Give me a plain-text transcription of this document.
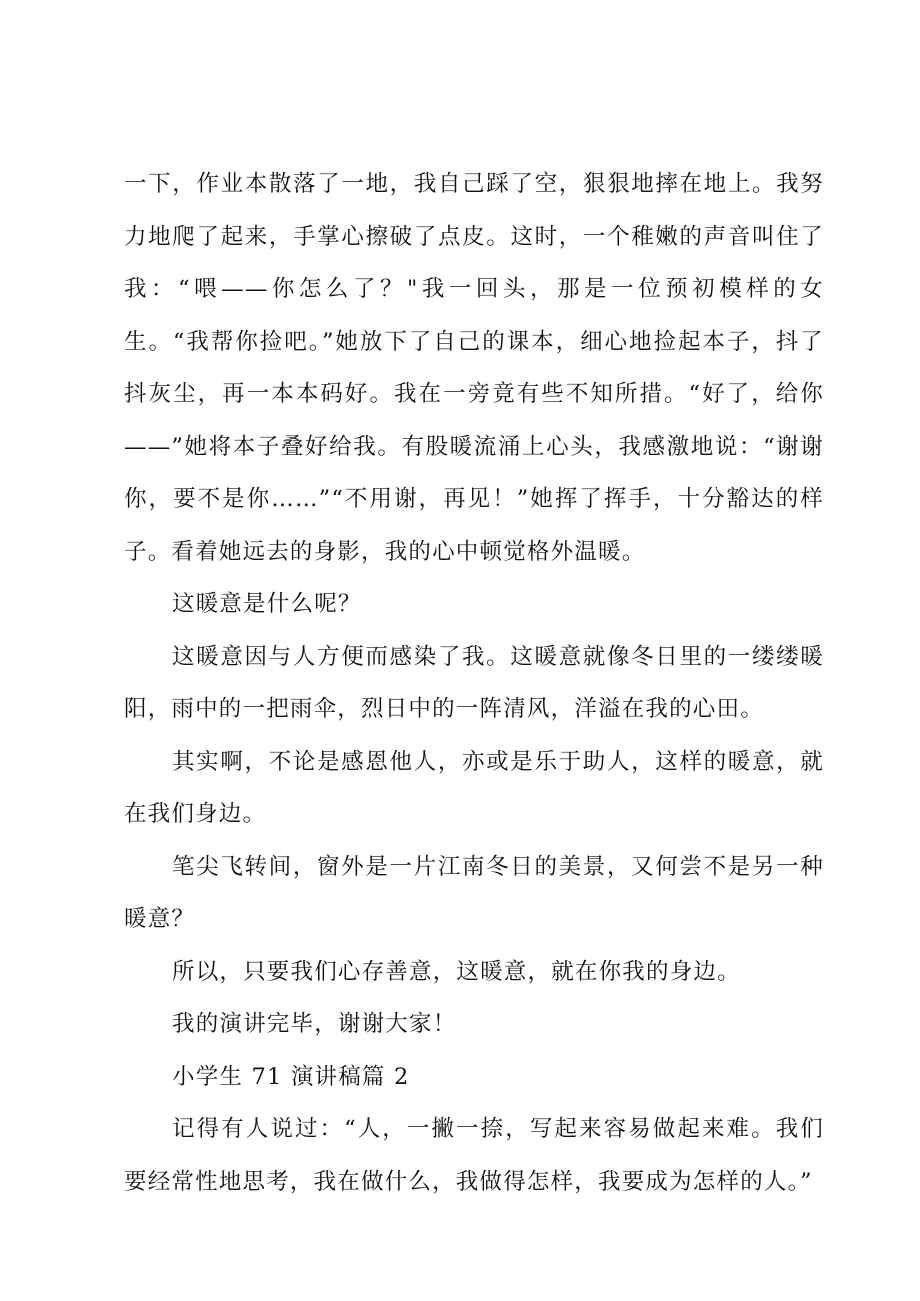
一下，作业本散落了一地，我自己踩了空，狠狠地摔在地上。我努力地爬了起来，手掌心擦破了点皮。这时，一个稚嫩的声音叫住了我：“喂——你怎么了？"我一回头，那是一位预初模样的女生。“我帮你捡吧。”她放下了自己的课本，细心地捡起本子，抖了抖灰尘，再一本本码好。我在一旁竟有些不知所措。“好了，给你——”她将本子叠好给我。有股暖流涌上心头，我感激地说：“谢谢你，要不是你……”“不用谢，再见！”她挥了挥手，十分豁达的样子。看着她远去的身影，我的心中顿觉格外温暖。

这暖意是什么呢？

这暖意因与人方便而感染了我。这暖意就像冬日里的一缕缕暖阳，雨中的一把雨伞，烈日中的一阵清风，洋溢在我的心田。

其实啊，不论是感恩他人，亦或是乐于助人，这样的暖意，就在我们身边。

笔尖飞转间，窗外是一片江南冬日的美景，又何尝不是另一种暖意？

所以，只要我们心存善意，这暖意，就在你我的身边。

我的演讲完毕，谢谢大家！

小学生 71 演讲稿篇 2

记得有人说过：“人，一撇一捺，写起来容易做起来难。我们要经常性地思考，我在做什么，我做得怎样，我要成为怎样的人。”
